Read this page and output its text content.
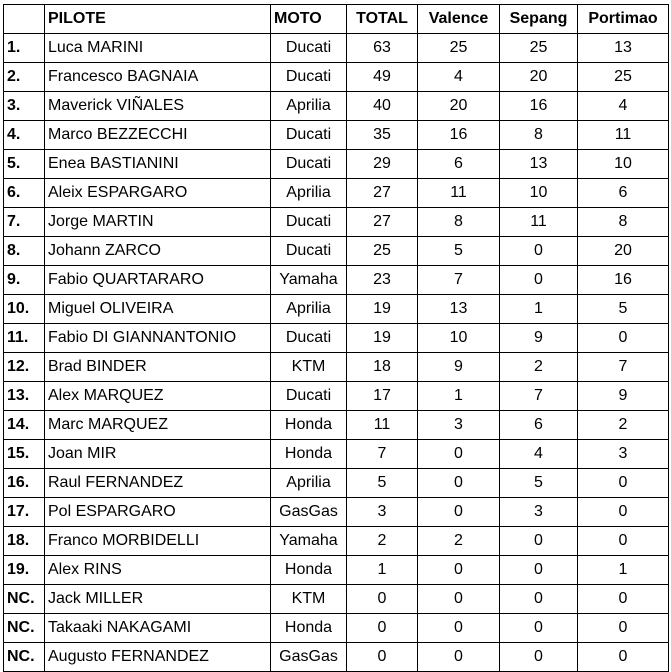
	PILOTE	MOTO	TOTAL	Valence	Sepang	Portimao
1.	Luca MARINI	Ducati	63	25	25	13
2.	Francesco BAGNAIA	Ducati	49	4	20	25
3.	Maverick VIÑALES	Aprilia	40	20	16	4
4.	Marco BEZZECCHI	Ducati	35	16	8	11
5.	Enea BASTIANINI	Ducati	29	6	13	10
6.	Aleix ESPARGARO	Aprilia	27	11	10	6
7.	Jorge MARTIN	Ducati	27	8	11	8
8.	Johann ZARCO	Ducati	25	5	0	20
9.	Fabio QUARTARARO	Yamaha	23	7	0	16
10.	Miguel OLIVEIRA	Aprilia	19	13	1	5
11.	Fabio DI GIANNANTONIO	Ducati	19	10	9	0
12.	Brad BINDER	KTM	18	9	2	7
13.	Alex MARQUEZ	Ducati	17	1	7	9
14.	Marc MARQUEZ	Honda	11	3	6	2
15.	Joan MIR	Honda	7	0	4	3
16.	Raul FERNANDEZ	Aprilia	5	0	5	0
17.	Pol ESPARGARO	GasGas	3	0	3	0
18.	Franco MORBIDELLI	Yamaha	2	2	0	0
19.	Alex RINS	Honda	1	0	0	1
NC.	Jack MILLER	KTM	0	0	0	0
NC.	Takaaki NAKAGAMI	Honda	0	0	0	0
NC.	Augusto FERNANDEZ	GasGas	0	0	0	0
